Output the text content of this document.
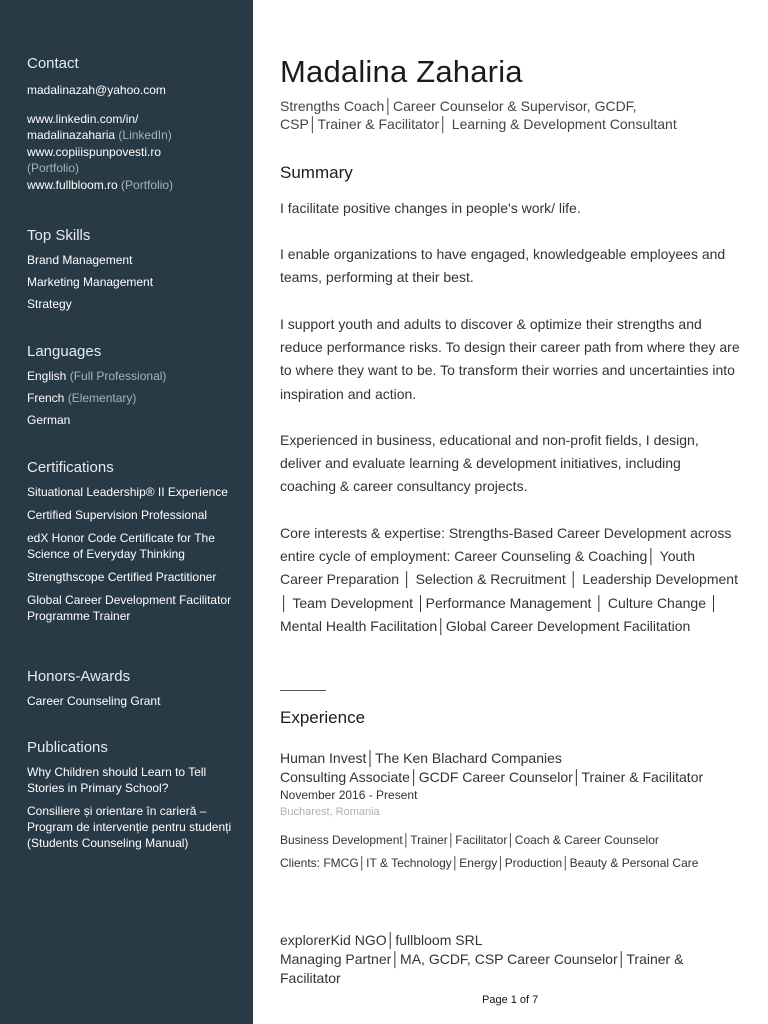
Contact
madalinazah@yahoo.com
www.linkedin.com/in/
madalinazaharia (LinkedIn)
www.copiiispunpovesti.ro
(Portfolio)
www.fullbloom.ro (Portfolio)
Top Skills
Brand Management
Marketing Management
Strategy
Languages
English (Full Professional)
French (Elementary)
German
Certifications
Situational Leadership® II Experience
Certified Supervision Professional
edX Honor Code Certificate for The Science of Everyday Thinking
Strengthscope Certified Practitioner
Global Career Development Facilitator Programme Trainer
Honors-Awards
Career Counseling Grant
Publications
Why Children should Learn to Tell Stories in Primary School?
Consiliere și orientare în carieră – Program de intervenție pentru studenți (Students Counseling Manual)
Madalina Zaharia
Strengths Coach│Career Counselor & Supervisor, GCDF,
CSP│Trainer & Facilitator│ Learning & Development Consultant
Summary

I facilitate positive changes in people's work/ life.

I enable organizations to have engaged, knowledgeable employees and teams, performing at their best.

I support youth and adults to discover & optimize their strengths and reduce performance risks. To design their career path from where they are to where they want to be. To transform their worries and uncertainties into inspiration and action.

Experienced in business, educational and non-profit fields, I design, deliver and evaluate learning & development initiatives, including coaching & career consultancy projects.

Core interests & expertise: Strengths-Based Career Development across entire cycle of employment: Career Counseling & Coaching│ Youth Career Preparation │ Selection & Recruitment │ Leadership Development │ Team Development │Performance Management │ Culture Change │ Mental Health Facilitation│Global Career Development Facilitation

Experience
Human Invest│The Ken Blachard Companies
Consulting Associate│GCDF Career Counselor│Trainer & Facilitator
November 2016 - Present
Bucharest, Romania
Business Development│Trainer│Facilitator│Coach & Career Counselor
Clients: FMCG│IT & Technology│Energy│Production│Beauty & Personal Care
explorerKid NGO│fullbloom SRL
Managing Partner│MA, GCDF, CSP Career Counselor│Trainer & Facilitator
Page 1 of 7
